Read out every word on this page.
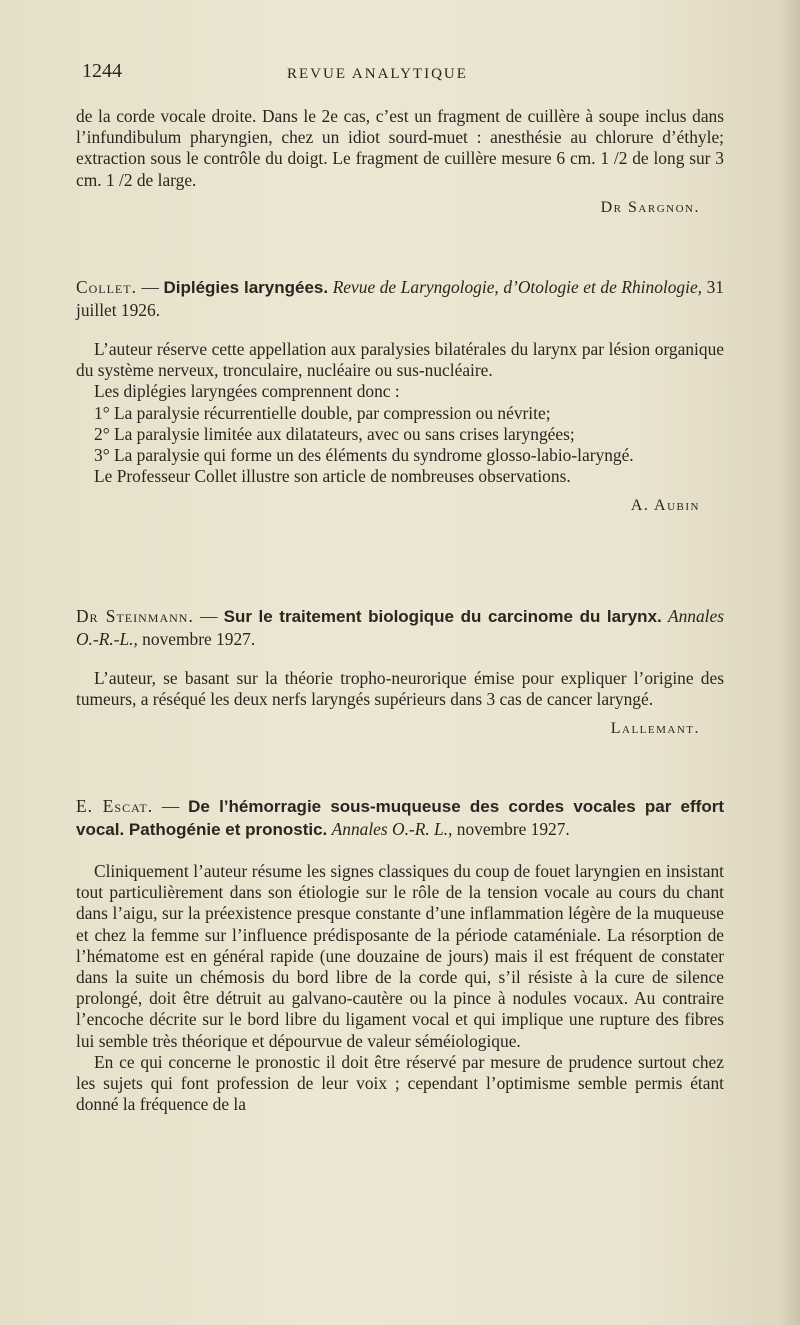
1244	REVUE ANALYTIQUE

de la corde vocale droite. Dans le 2e cas, c’est un fragment de cuillère à soupe inclus dans l’infundibulum pharyngien, chez un idiot sourd-muet : anesthésie au chlorure d’éthyle; extraction sous le contrôle du doigt. Le fragment de cuillère mesure 6 cm. 1 /2 de long sur 3 cm. 1 /2 de large.

Dr Sargnon.

Collet. — Diplégies laryngées. Revue de Laryngologie, d’Otologie et de Rhinologie, 31 juillet 1926.

L’auteur réserve cette appellation aux paralysies bilatérales du larynx par lésion organique du système nerveux, tronculaire, nucléaire ou sus-nucléaire.

Les diplégies laryngées comprennent donc :

1° La paralysie récurrentielle double, par compression ou névrite;

2° La paralysie limitée aux dilatateurs, avec ou sans crises laryngées;

3° La paralysie qui forme un des éléments du syndrome glosso-labio-laryngé.

Le Professeur Collet illustre son article de nombreuses observations.

A. Aubin

Dr Steinmann. — Sur le traitement biologique du carcinome du larynx. Annales O.-R.-L., novembre 1927.

L’auteur, se basant sur la théorie tropho-neurorique émise pour expliquer l’origine des tumeurs, a réséqué les deux nerfs laryngés supérieurs dans 3 cas de cancer laryngé.

Lallemant.

E. Escat. — De l’hémorragie sous-muqueuse des cordes vocales par effort vocal. Pathogénie et pronostic. Annales O.-R. L., novembre 1927.

Cliniquement l’auteur résume les signes classiques du coup de fouet laryngien en insistant tout particulièrement dans son étiologie sur le rôle de la tension vocale au cours du chant dans l’aigu, sur la préexistence presque constante d’une inflammation légère de la muqueuse et chez la femme sur l’influence prédisposante de la période cataméniale. La résorption de l’hématome est en général rapide (une douzaine de jours) mais il est fréquent de constater dans la suite un chémosis du bord libre de la corde qui, s’il résiste à la cure de silence prolongé, doit être détruit au galvano-cautère ou la pince à nodules vocaux. Au contraire l’encoche décrite sur le bord libre du ligament vocal et qui implique une rupture des fibres lui semble très théorique et dépourvue de valeur séméiologique.

En ce qui concerne le pronostic il doit être réservé par mesure de prudence surtout chez les sujets qui font profession de leur voix ; cependant l’optimisme semble permis étant donné la fréquence de la
